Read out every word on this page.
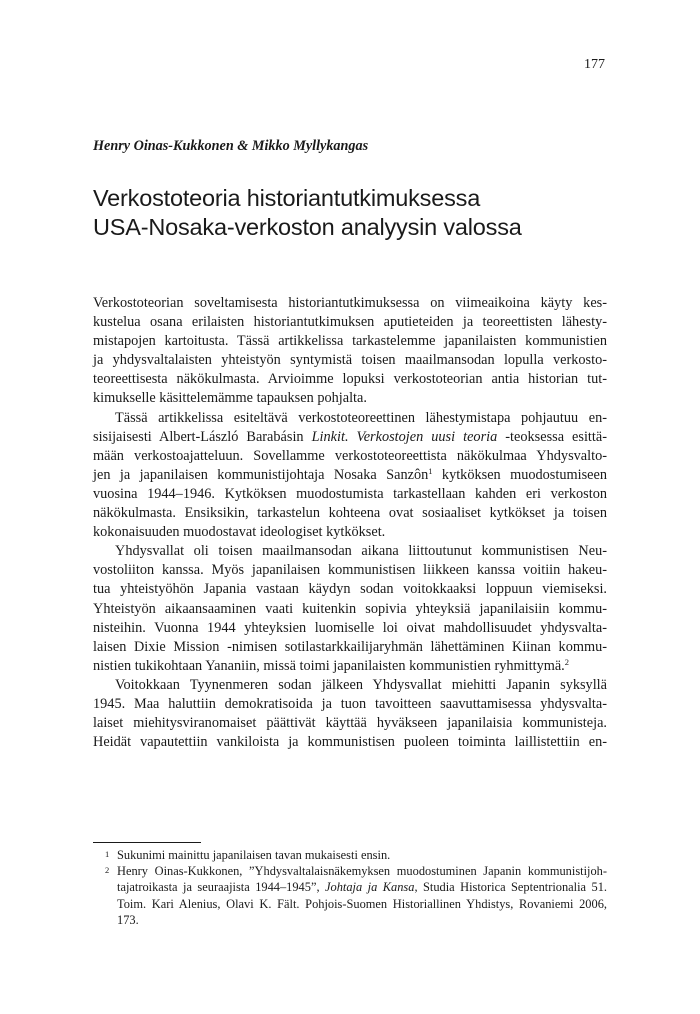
177
Henry Oinas-Kukkonen & Mikko Myllykangas
Verkostoteoria historiantutkimuksessa
USA-Nosaka-verkoston analyysin valossa
Verkostoteorian soveltamisesta historiantutkimuksessa on viimeaikoina käyty kes-
kustelua osana erilaisten historiantutkimuksen aputieteiden ja teoreettisten lähesty-
mistapojen kartoitusta. Tässä artikkelissa tarkastelemme japanilaisten kommunistien
ja yhdysvaltalaisten yhteistyön syntymistä toisen maailmansodan lopulla verkosto-
teoreettisesta näkökulmasta. Arvioimme lopuksi verkostoteorian antia historian tut-
kimukselle käsittelemämme tapauksen pohjalta.
Tässä artikkelissa esiteltävä verkostoteoreettinen lähestymistapa pohjautuu en-
sisijaisesti Albert-László Barabásin Linkit. Verkostojen uusi teoria -teoksessa esittä-
mään verkostoajatteluun. Sovellamme verkostoteoreettista näkökulmaa Yhdysvalto-
jen ja japanilaisen kommunistijohtaja Nosaka Sanzôn$^1$ kytköksen muodostumiseen
vuosina 1944–1946. Kytköksen muodostumista tarkastellaan kahden eri verkoston
näkökulmasta. Ensiksikin, tarkastelun kohteena ovat sosiaaliset kytkökset ja toisen
kokonaisuuden muodostavat ideologiset kytkökset.
Yhdysvallat oli toisen maailmansodan aikana liittoutunut kommunistisen Neu-
vostoliiton kanssa. Myös japanilaisen kommunistisen liikkeen kanssa voitiin hakeu-
tua yhteistyöhön Japania vastaan käydyn sodan voitokkaaksi loppuun viemiseksi.
Yhteistyön aikaansaaminen vaati kuitenkin sopivia yhteyksiä japanilaisiin kommu-
nisteihin. Vuonna 1944 yhteyksien luomiselle loi oivat mahdollisuudet yhdysvalta-
laisen Dixie Mission -nimisen sotilastarkkailijaryhmän lähettäminen Kiinan kommu-
nistien tukikohtaan Yananiin, missä toimi japanilaisten kommunistien ryhmittymä.$^2$
Voitokkaan Tyynenmeren sodan jälkeen Yhdysvallat miehitti Japanin syksyllä
1945. Maa haluttiin demokratisoida ja tuon tavoitteen saavuttamisessa yhdysvalta-
laiset miehitysviranomaiset päättivät käyttää hyväkseen japanilaisia kommunisteja.
Heidät vapautettiin vankiloista ja kommunistisen puoleen toiminta laillistettiin en-
1 Sukunimi mainittu japanilaisen tavan mukaisesti ensin.
2 Henry Oinas-Kukkonen, ”Yhdysvaltalaisnäkemyksen muodostuminen Japanin kommunistijoh-
tajatroikasta ja seuraajista 1944–1945”, Johtaja ja Kansa, Studia Historica Septentrionalia 51.
Toim. Kari Alenius, Olavi K. Fält. Pohjois-Suomen Historiallinen Yhdistys, Rovaniemi 2006,
173.
